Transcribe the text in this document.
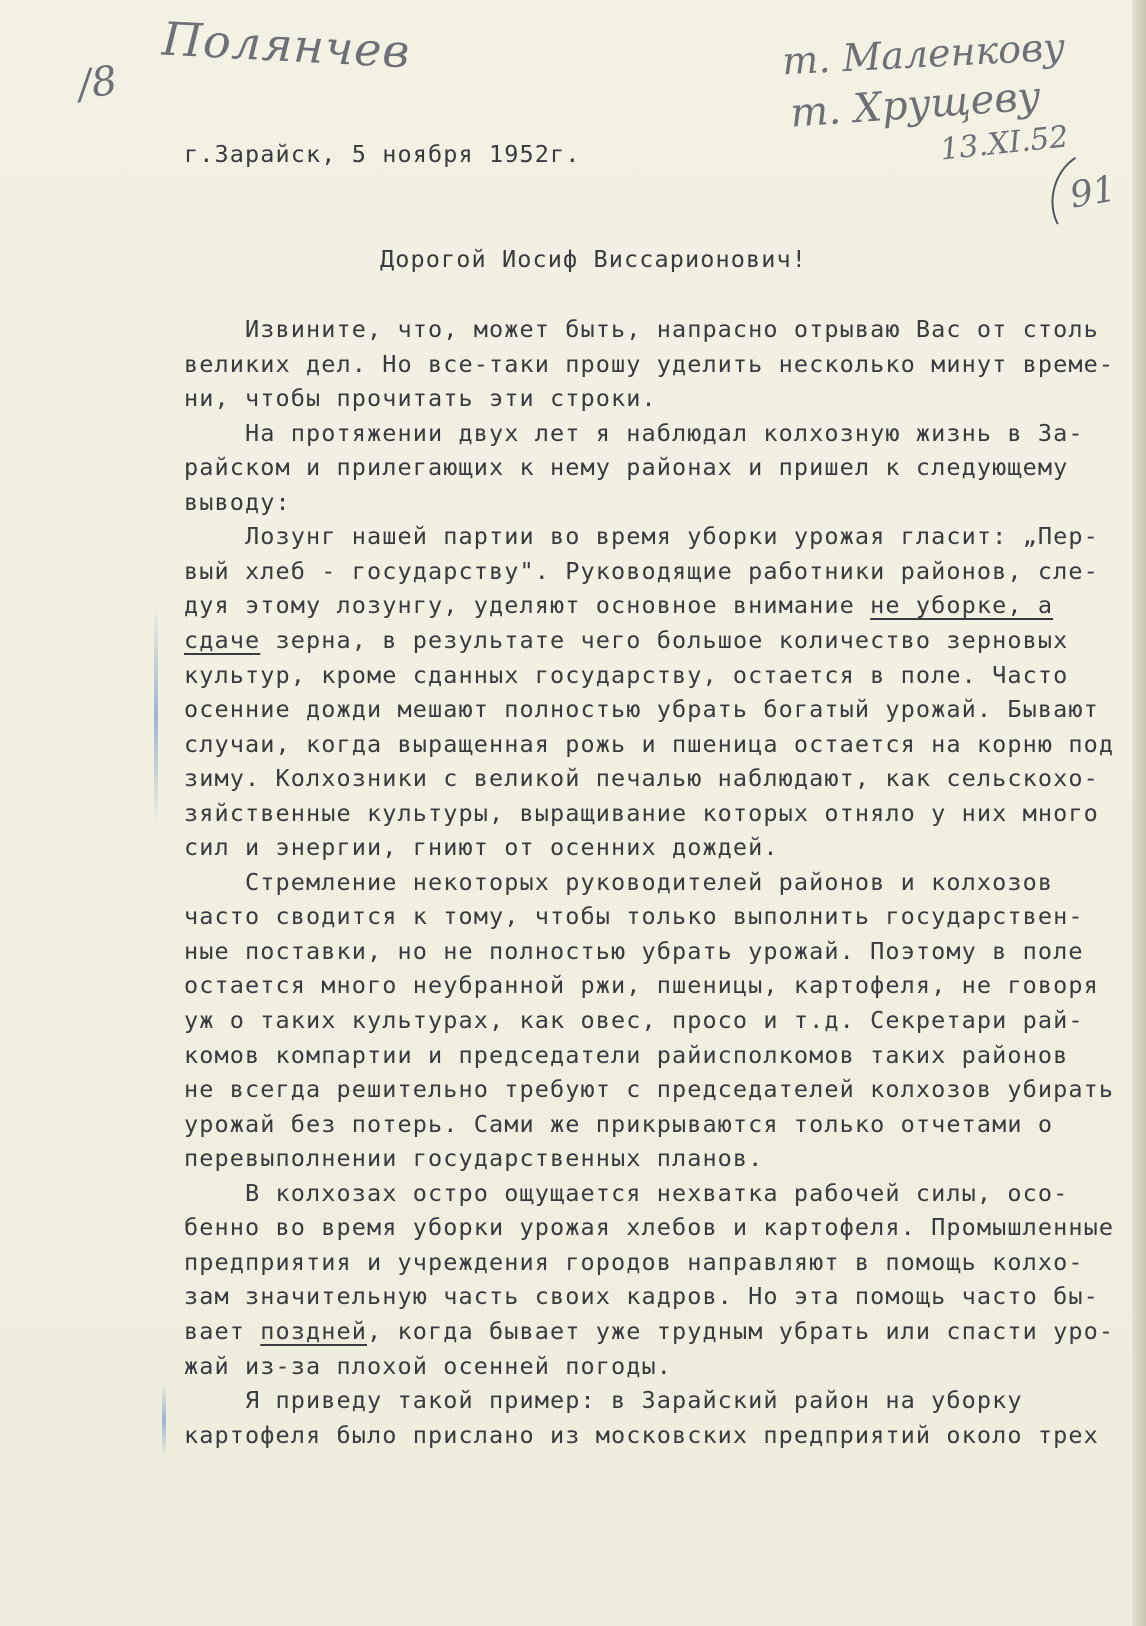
/8
Полянчев	т. Маленкову
т. Хрущеву
13.XI.52
91
г.Зарайск, 5 ноября 1952г.
Дорогой Иосиф Виссарионович!
Извините, что, может быть, напрасно отрываю Вас от столь
великих дел. Но все-таки прошу уделить несколько минут време-
ни, чтобы прочитать эти строки.
На протяжении двух лет я наблюдал колхозную жизнь в За-
райском и прилегающих к нему районах и пришел к следующему
выводу:
Лозунг нашей партии во время уборки урожая гласит: „Пер-
вый хлеб - государству". Руководящие работники районов, сле-
дуя этому лозунгу, уделяют основное внимание не уборке, а
сдаче зерна, в результате чего большое количество зерновых
культур, кроме сданных государству, остается в поле. Часто
осенние дожди мешают полностью убрать богатый урожай. Бывают
случаи, когда выращенная рожь и пшеница остается на корню под
зиму. Колхозники с великой печалью наблюдают, как сельскохо-
зяйственные культуры, выращивание которых отняло у них много
сил и энергии, гниют от осенних дождей.
Стремление некоторых руководителей районов и колхозов
часто сводится к тому, чтобы только выполнить государствен-
ные поставки, но не полностью убрать урожай. Поэтому в поле
остается много неубранной ржи, пшеницы, картофеля, не говоря
уж о таких культурах, как овес, просо и т.д. Секретари рай-
комов компартии и председатели райисполкомов таких районов
не всегда решительно требуют с председателей колхозов убирать
урожай без потерь. Сами же прикрываются только отчетами о
перевыполнении государственных планов.
В колхозах остро ощущается нехватка рабочей силы, осо-
бенно во время уборки урожая хлебов и картофеля. Промышленные
предприятия и учреждения городов направляют в помощь колхо-
зам значительную часть своих кадров. Но эта помощь часто бы-
вает поздней, когда бывает уже трудным убрать или спасти уро-
жай из-за плохой осенней погоды.
Я приведу такой пример: в Зарайский район на уборку
картофеля было прислано из московских предприятий около трех
